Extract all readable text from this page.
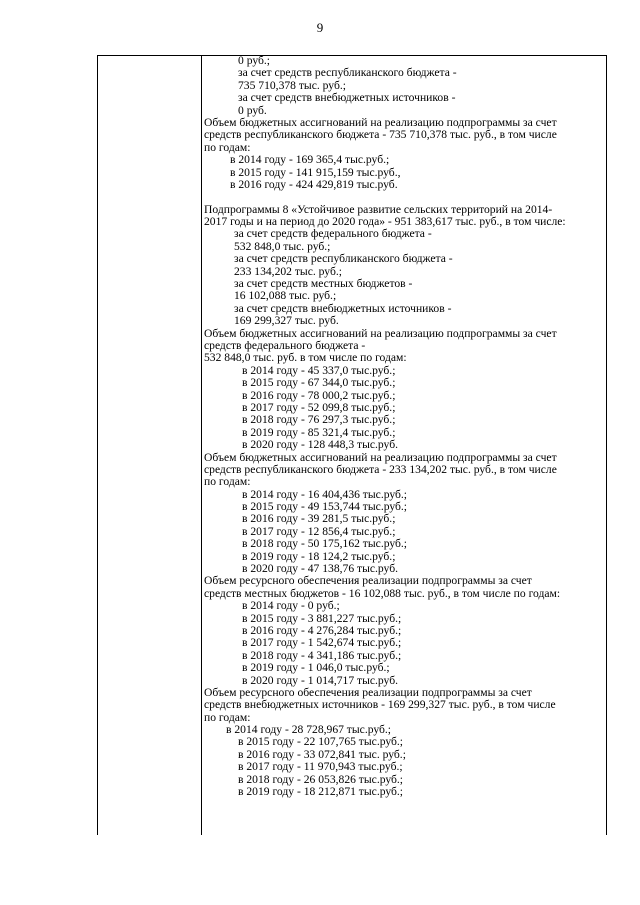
9
0 руб.;
за счет средств республиканского бюджета -
735 710,378 тыс. руб.;
за счет средств внебюджетных источников -
0 руб.
Объем бюджетных ассигнований на реализацию подпрограммы за счет
средств республиканского бюджета - 735 710,378 тыс. руб., в том числе
по годам:
в 2014 году - 169 365,4 тыс.руб.;
в 2015 году - 141 915,159 тыс.руб.,
в 2016 году - 424 429,819 тыс.руб.
Подпрограммы 8 «Устойчивое развитие сельских территорий на 2014-
2017 годы и на период до 2020 года» - 951 383,617 тыс. руб., в том числе:
за счет средств федерального бюджета -
532 848,0 тыс. руб.;
за счет средств республиканского бюджета -
233 134,202 тыс. руб.;
за счет средств местных бюджетов -
16 102,088 тыс. руб.;
за счет средств внебюджетных источников -
169 299,327 тыс. руб.
Объем бюджетных ассигнований на реализацию подпрограммы за счет
средств федерального бюджета -
532 848,0 тыс. руб. в том числе по годам:
в 2014 году - 45 337,0 тыс.руб.;
в 2015 году - 67 344,0 тыс.руб.;
в 2016 году - 78 000,2 тыс.руб.;
в 2017 году - 52 099,8 тыс.руб.;
в 2018 году - 76 297,3 тыс.руб.;
в 2019 году - 85 321,4 тыс.руб.;
в 2020 году - 128 448,3 тыс.руб.
Объем бюджетных ассигнований на реализацию подпрограммы за счет
средств республиканского бюджета - 233 134,202 тыс. руб., в том числе
по годам:
в 2014 году - 16 404,436 тыс.руб.;
в 2015 году - 49 153,744 тыс.руб.;
в 2016 году - 39 281,5 тыс.руб.;
в 2017 году - 12 856,4 тыс.руб.;
в 2018 году - 50 175,162 тыс.руб.;
в 2019 году - 18 124,2 тыс.руб.;
в 2020 году - 47 138,76 тыс.руб.
Объем ресурсного обеспечения реализации подпрограммы за счет
средств местных бюджетов - 16 102,088 тыс. руб., в том числе по годам:
в 2014 году - 0 руб.;
в 2015 году - 3 881,227 тыс.руб.;
в 2016 году - 4 276,284 тыс.руб.;
в 2017 году - 1 542,674 тыс.руб.;
в 2018 году - 4 341,186 тыс.руб.;
в 2019 году - 1 046,0 тыс.руб.;
в 2020 году - 1 014,717 тыс.руб.
Объем ресурсного обеспечения реализации подпрограммы за счет
средств внебюджетных источников - 169 299,327 тыс. руб., в том числе
по годам:
в 2014 году - 28 728,967 тыс.руб.;
в 2015 году - 22 107,765 тыс.руб.;
в 2016 году - 33 072,841 тыс. руб.;
в 2017 году - 11 970,943 тыс.руб.;
в 2018 году - 26 053,826 тыс.руб.;
в 2019 году - 18 212,871 тыс.руб.;
